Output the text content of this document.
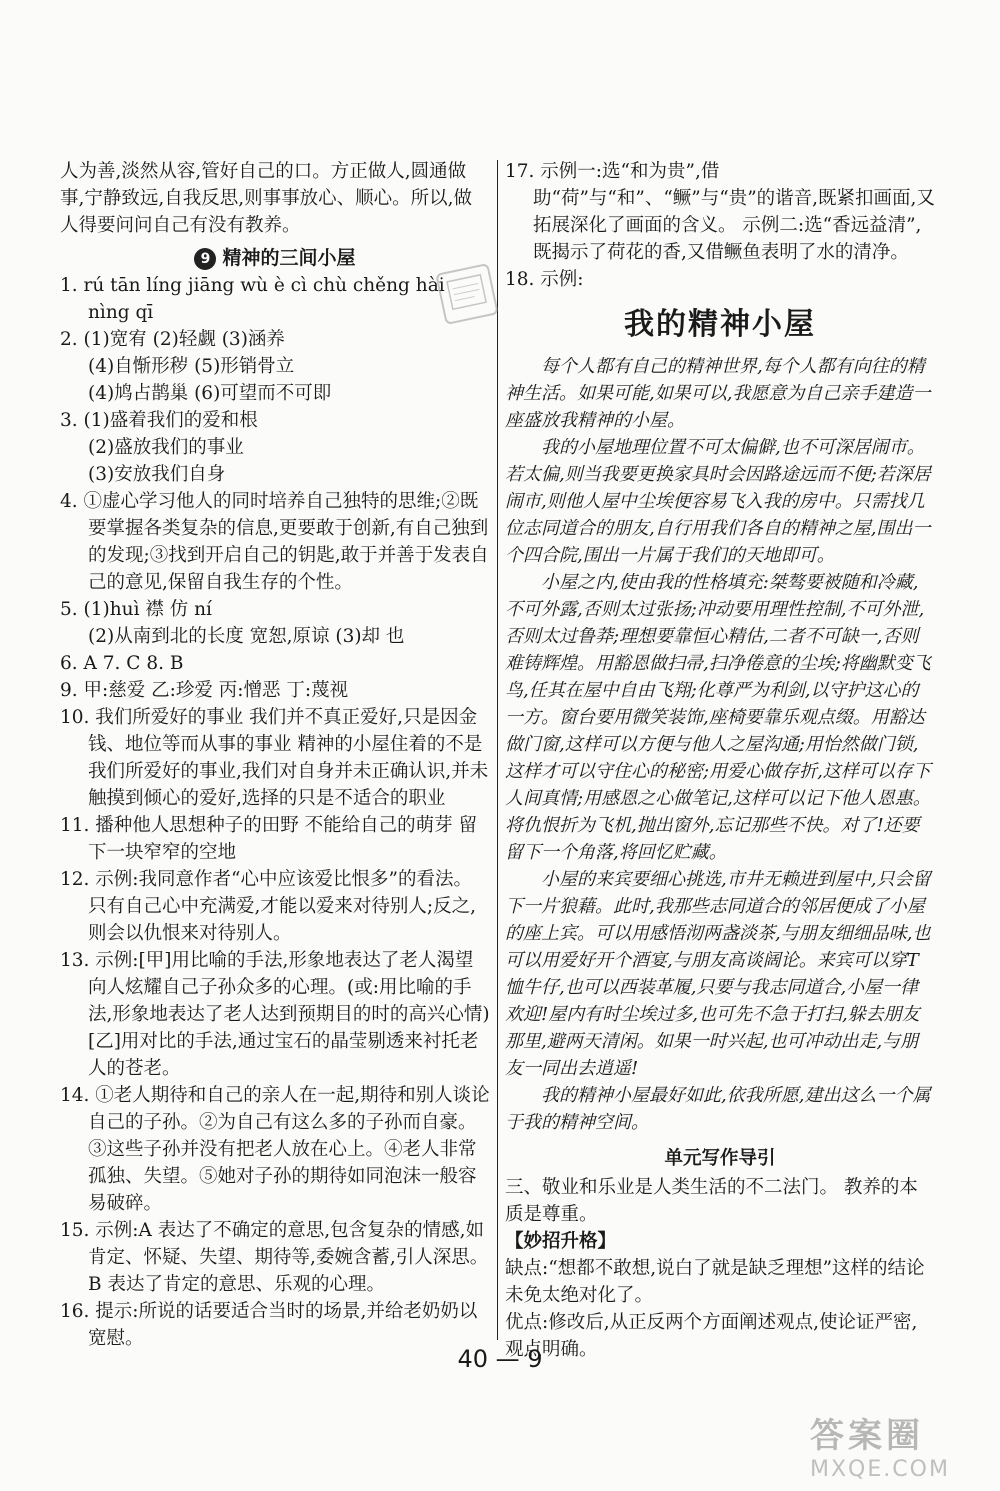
人为善,淡然从容,管好自己的口。方正做人,圆通做

事,宁静致远,自我反思,则事事放心、顺心。所以,做

人得要问问自己有没有教养。

9 精神的三间小屋

1. rú tān líng jiāng wù è cì chù chěng hài

nìng qī

2. (1)宽宥 (2)轻觑 (3)涵养

(4)自惭形秽 (5)形销骨立

(4)鸠占鹊巢 (6)可望而不可即

3. (1)盛着我们的爱和根

(2)盛放我们的事业

(3)安放我们自身

4. ①虚心学习他人的同时培养自己独特的思维;②既要掌握各类复杂的信息,更要敢于创新,有自己独到的发现;③找到开启自己的钥匙,敢于并善于发表自己的意见,保留自我生存的个性。

5. (1)huì 襟 仿 ní

(2)从南到北的长度 宽恕,原谅 (3)却 也

6. A 7. C 8. B

9. 甲:慈爱 乙:珍爱 丙:憎恶 丁:蔑视

10. 我们所爱好的事业 我们并不真正爱好,只是因金钱、地位等而从事的事业 精神的小屋住着的不是我们所爱好的事业,我们对自身并未正确认识,并未触摸到倾心的爱好,选择的只是不适合的职业

11. 播种他人思想种子的田野 不能给自己的萌芽 留下一块窄窄的空地

12. 示例:我同意作者“心中应该爱比恨多”的看法。只有自己心中充满爱,才能以爱来对待别人;反之,则会以仇恨来对待别人。

13. 示例:[甲]用比喻的手法,形象地表达了老人渴望向人炫耀自己子孙众多的心理。(或:用比喻的手法,形象地表达了老人达到预期目的时的高兴心情) [乙]用对比的手法,通过宝石的晶莹剔透来衬托老人的苍老。

14. ①老人期待和自己的亲人在一起,期待和别人谈论自己的子孙。②为自己有这么多的子孙而自豪。③这些子孙并没有把老人放在心上。④老人非常孤独、失望。⑤她对子孙的期待如同泡沫一般容易破碎。

15. 示例:A 表达了不确定的意思,包含复杂的情感,如肯定、怀疑、失望、期待等,委婉含蓄,引人深思。

B 表达了肯定的意思、乐观的心理。

16. 提示:所说的话要适合当时的场景,并给老奶奶以宽慰。

17. 示例一:选“和为贵”,借助“荷”与“和”、“鳜”与“贵”的谐音,既紧扣画面,又拓展深化了画面的含义。 示例二:选“香远益清”,既揭示了荷花的香,又借鳜鱼表明了水的清净。

18. 示例:

我的精神小屋

每个人都有自己的精神世界,每个人都有向往的精神生活。如果可能,如果可以,我愿意为自己亲手建造一座盛放我精神的小屋。

我的小屋地理位置不可太偏僻,也不可深居闹市。若太偏,则当我要更换家具时会因路途远而不便;若深居闹市,则他人屋中尘埃便容易飞入我的房中。只需找几位志同道合的朋友,自行用我们各自的精神之屋,围出一个四合院,围出一片属于我们的天地即可。

小屋之内,使由我的性格填充:桀骜要被随和冷藏,不可外露,否则太过张扬;冲动要用理性控制,不可外泄,否则太过鲁莽;理想要靠恒心精估,二者不可缺一,否则难铸辉煌。用豁恩做扫帚,扫净倦意的尘埃;将幽默变飞鸟,任其在屋中自由飞翔;化尊严为利剑,以守护这心的一方。窗台要用微笑装饰,座椅要靠乐观点缀。用豁达做门窗,这样可以方便与他人之屋沟通;用怡然做门锁,这样才可以守住心的秘密;用爱心做存折,这样可以存下人间真情;用感恩之心做笔记,这样可以记下他人恩惠。将仇恨折为飞机,抛出窗外,忘记那些不快。对了!还要留下一个角落,将回忆贮藏。

小屋的来宾要细心挑选,市井无赖进到屋中,只会留下一片狼藉。此时,我那些志同道合的邻居便成了小屋的座上宾。可以用感悟沏两盏淡茶,与朋友细细品味,也可以用爱好开个酒宴,与朋友高谈阔论。来宾可以穿T恤牛仔,也可以西装革履,只要与我志同道合,小屋一律欢迎!屋内有时尘埃过多,也可先不急于打扫,躲去朋友那里,避两天清闲。如果一时兴起,也可冲动出走,与朋友一同出去逍遥!

我的精神小屋最好如此,依我所愿,建出这么一个属于我的精神空间。

单元写作导引

三、敬业和乐业是人类生活的不二法门。 教养的本质是尊重。

【妙招升格】

缺点:“想都不敢想,说白了就是缺乏理想”这样的结论未免太绝对化了。

优点:修改后,从正反两个方面阐述观点,使论证严密,观点明确。

40 — 9
答案圈
MXQE.COM
